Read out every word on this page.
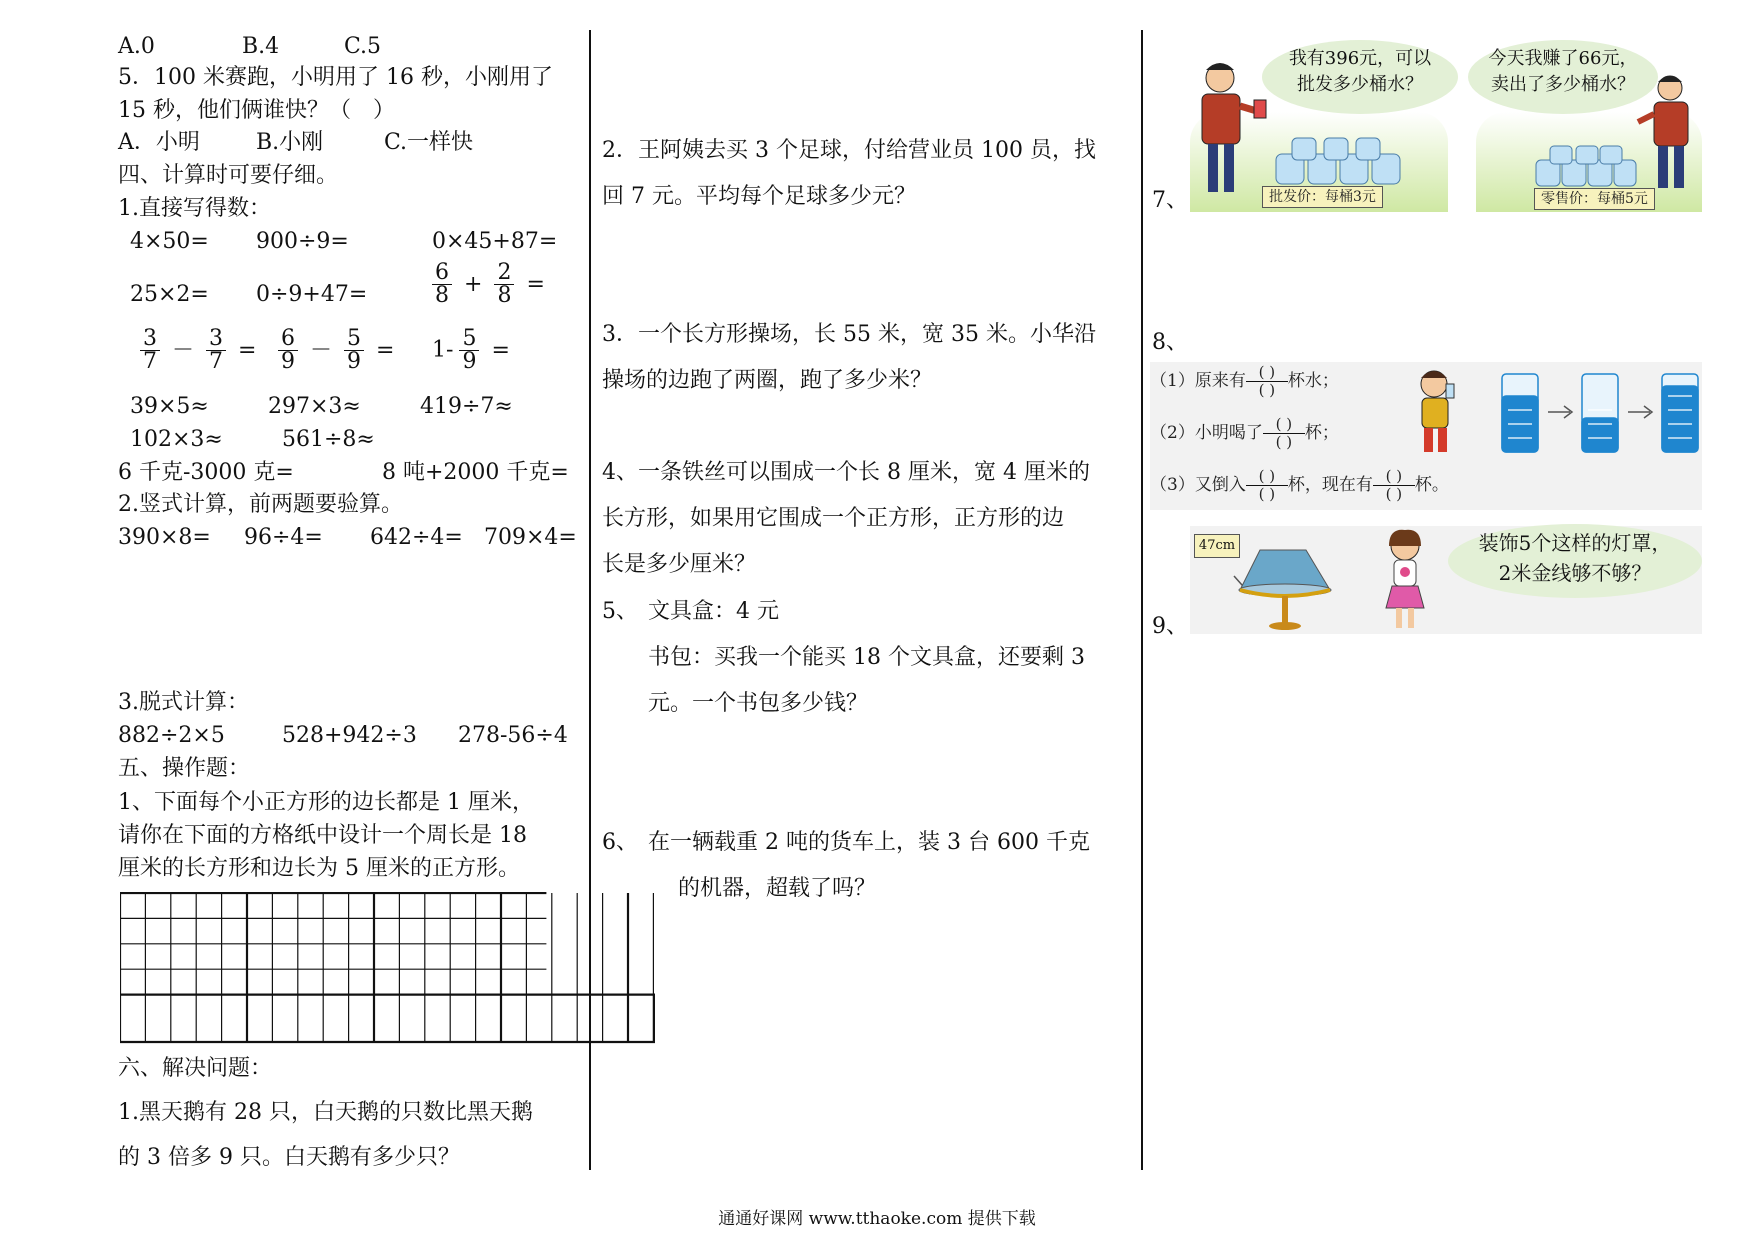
A.0	B.4	C.5
5．100 米赛跑，小明用了 16 秒，小刚用了
15 秒，他们俩谁快？（　）
A．小明	B.小刚	C.一样快
四、计算时可要仔细。
1.直接写得数：
4×50= 900÷9=	0×45+87=
25×2= 0÷9+47=	$\frac{6}{8} + \frac{2}{8}$ =
$\frac{3}{7} - \frac{3}{7} = \frac{6}{9} - \frac{5}{9} = 1- \frac{5}{9}$ =
39×5≈	297×3≈	419÷7≈
102×3≈	561÷8≈
6 千克-3000 克=	8 吨+2000 千克=
2.竖式计算，前两题要验算。
390×8= 96÷4= 642÷4= 709×4=
3.脱式计算：
882÷2×5	528+942÷3 278-56÷4
五、操作题：
1、下面每个小正方形的边长都是 1 厘米，
请你在下面的方格纸中设计一个周长是 18
厘米的长方形和边长为 5 厘米的正方形。
六、解决问题：
1.黑天鹅有 28 只，白天鹅的只数比黑天鹅
的 3 倍多 9 只。白天鹅有多少只？
2．王阿姨去买 3 个足球，付给营业员 100 员，找
回 7 元。平均每个足球多少元？
3．一个长方形操场，长 55 米，宽 35 米。小华沿
操场的边跑了两圈，跑了多少米？
4、一条铁丝可以围成一个长 8 厘米，宽 4 厘米的
长方形，如果用它围成一个正方形，正方形的边
长是多少厘米？
5、 文具盒：4 元
书包：买我一个能买 18 个文具盒，还要剩 3
元。一个书包多少钱？
6、 在一辆载重 2 吨的货车上，装 3 台 600 千克
的机器，超载了吗？
我有396元，可以
批发多少桶水？
批发价：每桶3元
7、
今天我赚了66元，
卖出了多少桶水？
零售价：每桶5元
8、
（1）原来有 $\frac{( )}{( )}$ 杯水；
（2）小明喝了 $\frac{( )}{( )}$ 杯；
（3）又倒入 $\frac{( )}{( )}$ 杯，现在有 $\frac{( )}{( )}$ 杯。
9、
47cm	装饰5个这样的灯罩，
2米金线够不够？
通通好课网 www.tthaoke.com 提供下载
